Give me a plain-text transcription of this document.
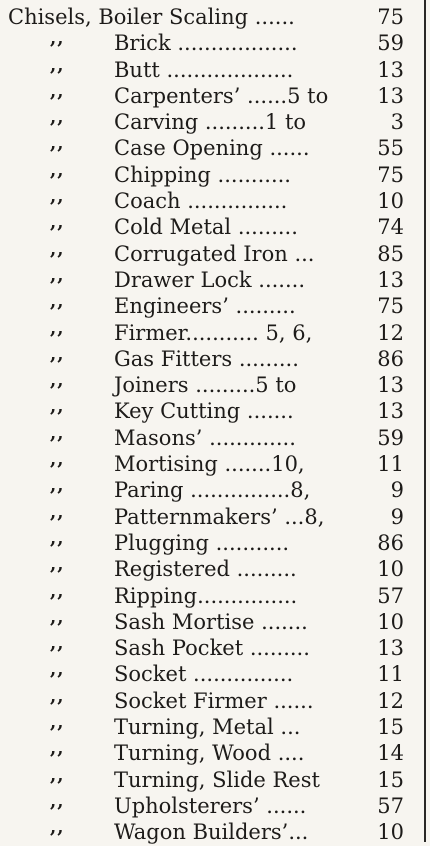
Chisels, Boiler Scaling ......	75
,, Brick ..................	59
,, Butt ...................	13
,, Carpenters’ ......5 to	13
,, Carving .........1 to	3
,, Case Opening ......	55
,, Chipping ...........	75
,, Coach ...............	10
,, Cold Metal .........	74
,, Corrugated Iron ...	85
,, Drawer Lock .......	13
,, Engineers’ .........	75
,, Firmer........... 5, 6,	12
,, Gas Fitters .........	86
,, Joiners .........5 to	13
,, Key Cutting .......	13
,, Masons’ .............	59
,, Mortising .......10,	11
,, Paring ...............8,	9
,, Patternmakers’ ...8,	9
,, Plugging ...........	86
,, Registered .........	10
,, Ripping...............	57
,, Sash Mortise .......	10
,, Sash Pocket .........	13
,, Socket ...............	11
,, Socket Firmer ......	12
,, Turning, Metal ...	15
,, Turning, Wood ....	14
,, Turning, Slide Rest	15
,, Upholsterers’ ......	57
,, Wagon Builders’...	10
